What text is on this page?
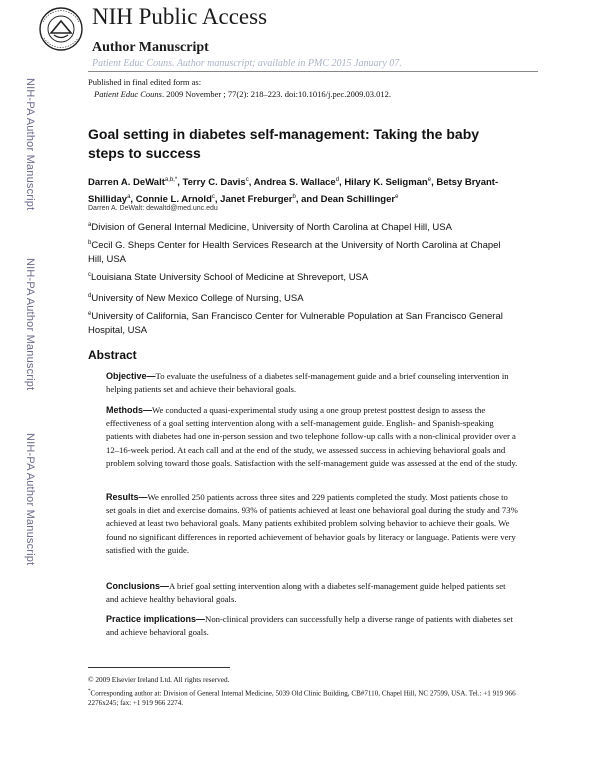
NIH-PA Author Manuscript
NIH-PA Author Manuscript
NIH-PA Author Manuscript
NIH Public Access
Author Manuscript
Patient Educ Couns. Author manuscript; available in PMC 2015 January 07.
Published in final edited form as:
Patient Educ Couns. 2009 November ; 77(2): 218–223. doi:10.1016/j.pec.2009.03.012.
Goal setting in diabetes self-management: Taking the baby steps to success
Darren A. DeWalt$^{a,b,*}$, Terry C. Davis$^c$, Andrea S. Wallace$^d$, Hilary K. Seligman$^e$, Betsy Bryant-Shilliday$^a$, Connie L. Arnold$^c$, Janet Freburger$^b$, and Dean Schillinger$^e$
Darren A. DeWalt: dewaltd@med.unc.edu
$^a$Division of General Internal Medicine, University of North Carolina at Chapel Hill, USA
$^b$Cecil G. Sheps Center for Health Services Research at the University of North Carolina at Chapel Hill, USA
$^c$Louisiana State University School of Medicine at Shreveport, USA
$^d$University of New Mexico College of Nursing, USA
$^e$University of California, San Francisco Center for Vulnerable Population at San Francisco General Hospital, USA
Abstract
Objective—To evaluate the usefulness of a diabetes self-management guide and a brief counseling intervention in helping patients set and achieve their behavioral goals.
Methods—We conducted a quasi-experimental study using a one group pretest posttest design to assess the effectiveness of a goal setting intervention along with a self-management guide. English- and Spanish-speaking patients with diabetes had one in-person session and two telephone follow-up calls with a non-clinical provider over a 12–16-week period. At each call and at the end of the study, we assessed success in achieving behavioral goals and problem solving toward those goals. Satisfaction with the self-management guide was assessed at the end of the study.
Results—We enrolled 250 patients across three sites and 229 patients completed the study. Most patients chose to set goals in diet and exercise domains. 93% of patients achieved at least one behavioral goal during the study and 73% achieved at least two behavioral goals. Many patients exhibited problem solving behavior to achieve their goals. We found no significant differences in reported achievement of behavior goals by literacy or language. Patients were very satisfied with the guide.
Conclusions—A brief goal setting intervention along with a diabetes self-management guide helped patients set and achieve healthy behavioral goals.
Practice implications—Non-clinical providers can successfully help a diverse range of patients with diabetes set and achieve behavioral goals.
© 2009 Elsevier Ireland Ltd. All rights reserved.
*Corresponding author at: Division of General Internal Medicine, 5039 Old Clinic Building, CB#7110, Chapel Hill, NC 27599, USA. Tel.: +1 919 966 2276x245; fax: +1 919 966 2274.
